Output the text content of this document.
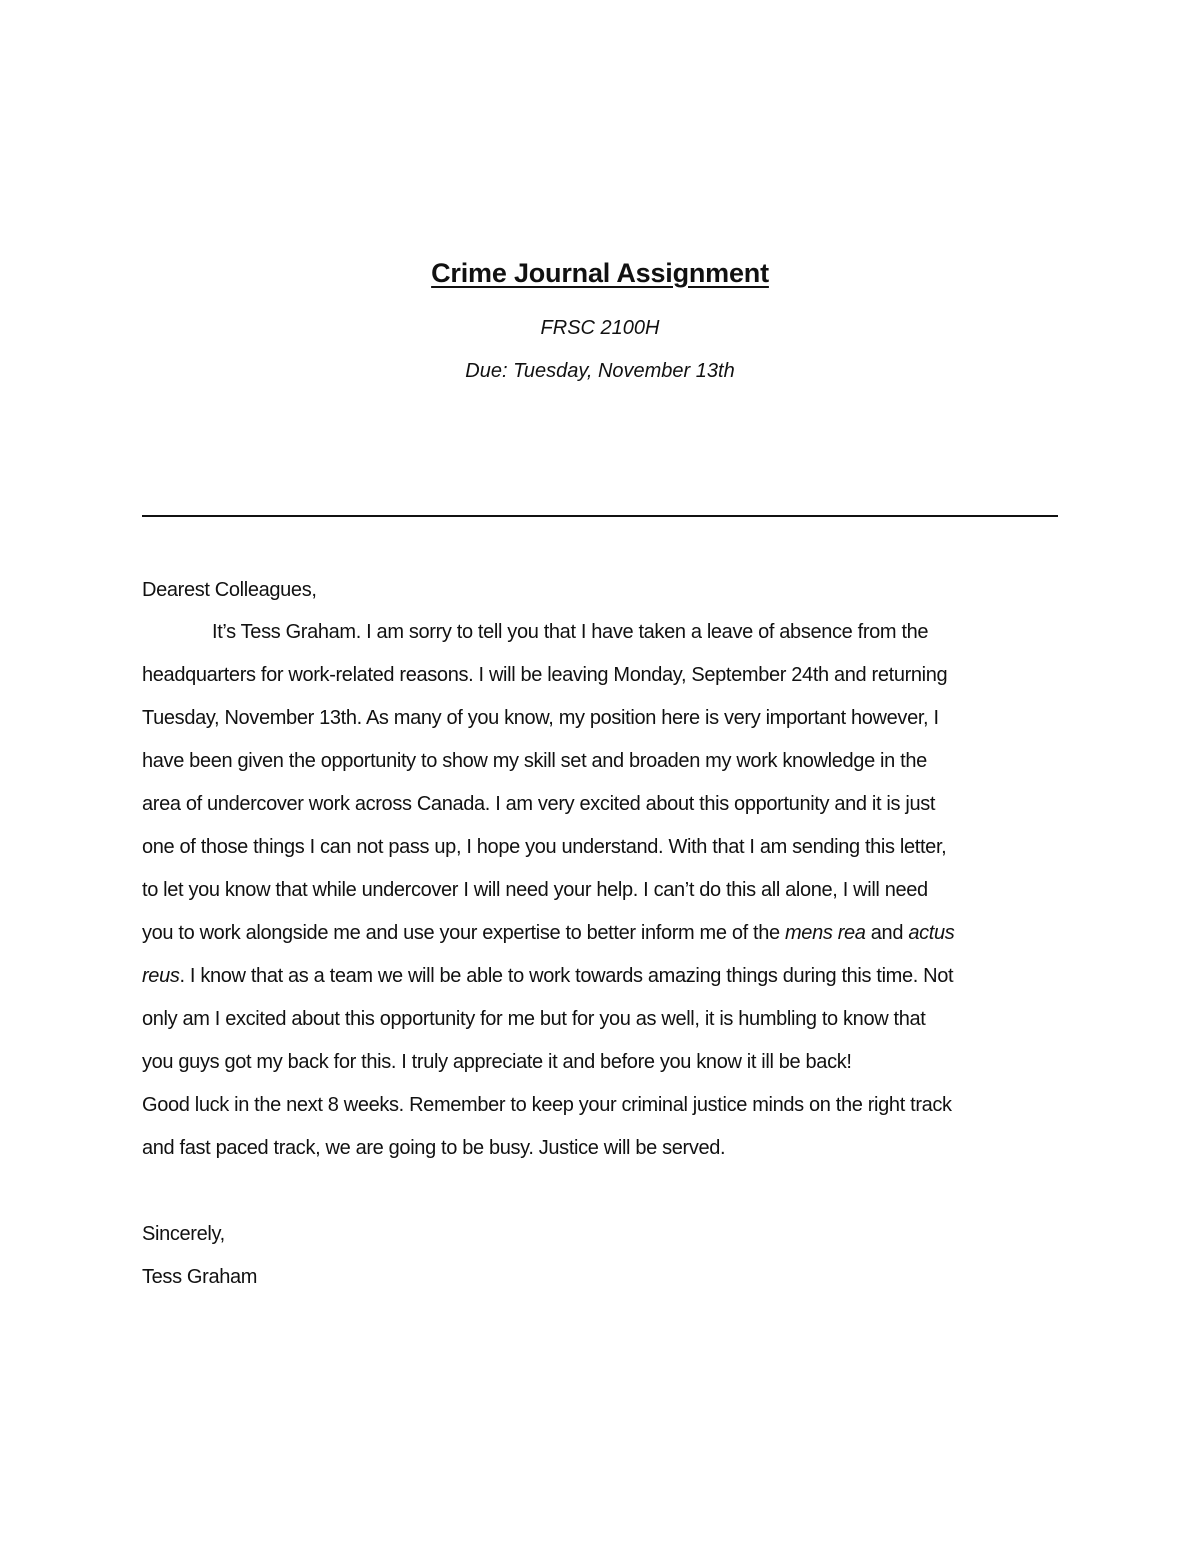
Crime Journal Assignment
FRSC 2100H
Due: Tuesday, November 13th
Dearest Colleagues,
It’s Tess Graham. I am sorry to tell you that I have taken a leave of absence from the
headquarters for work-related reasons. I will be leaving Monday, September 24th and returning
Tuesday, November 13th. As many of you know, my position here is very important however, I
have been given the opportunity to show my skill set and broaden my work knowledge in the
area of undercover work across Canada. I am very excited about this opportunity and it is just
one of those things I can not pass up, I hope you understand. With that I am sending this letter,
to let you know that while undercover I will need your help. I can’t do this all alone, I will need
you to work alongside me and use your expertise to better inform me of the mens rea and actus
reus. I know that as a team we will be able to work towards amazing things during this time. Not
only am I excited about this opportunity for me but for you as well, it is humbling to know that
you guys got my back for this. I truly appreciate it and before you know it ill be back!
Good luck in the next 8 weeks. Remember to keep your criminal justice minds on the right track
and fast paced track, we are going to be busy. Justice will be served.
Sincerely,
Tess Graham
